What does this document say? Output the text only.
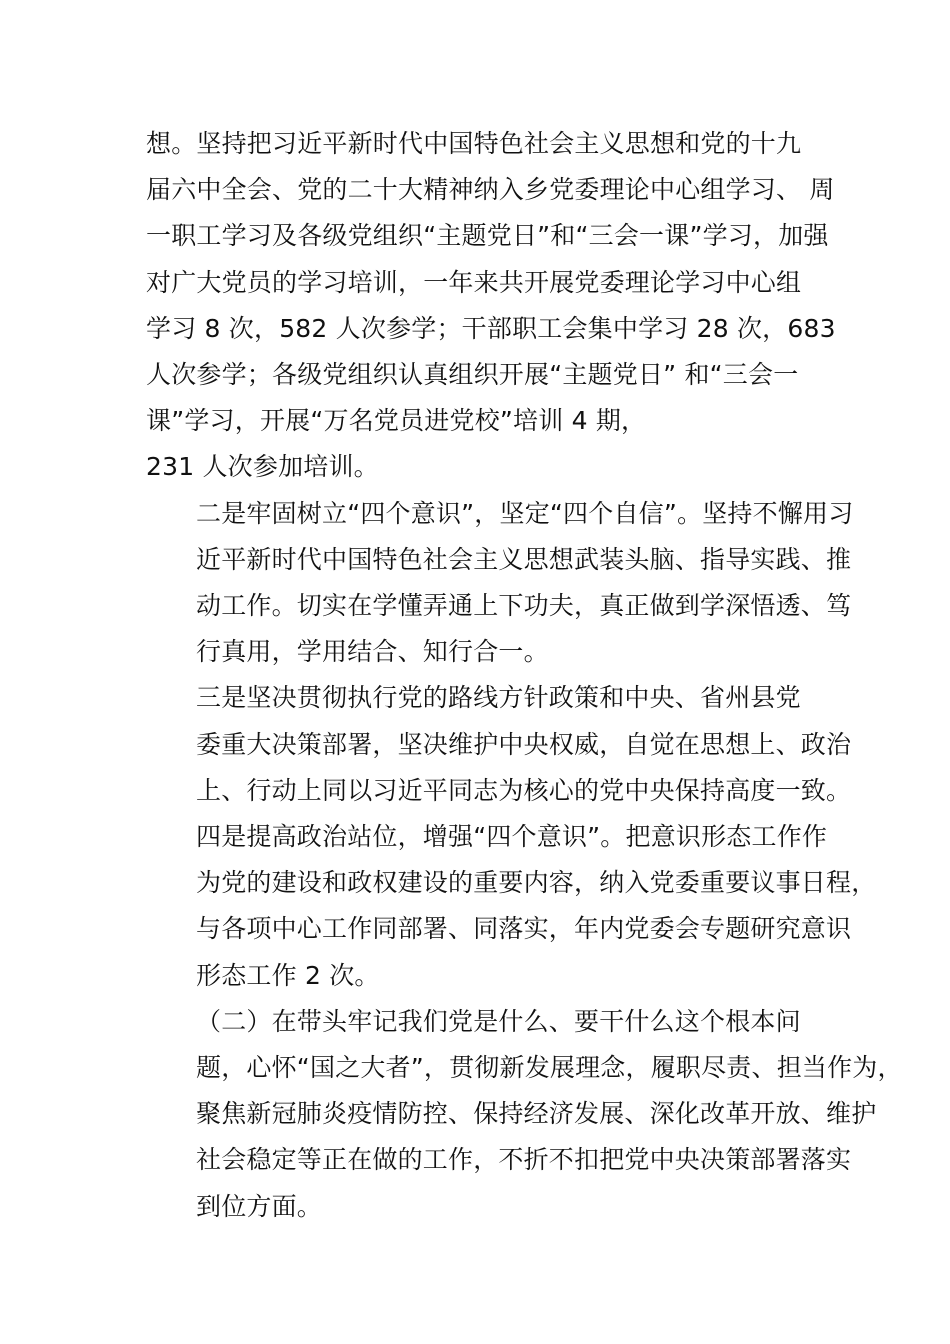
想。坚持把习近平新时代中国特色社会主义思想和党的十九
届六中全会、党的二十大精神纳入乡党委理论中心组学习、 周
一职工学习及各级党组织“主题党日”和“三会一课”学习，加强
对广大党员的学习培训，一年来共开展党委理论学习中心组
学习 8 次，582 人次参学；干部职工会集中学习 28 次，683
人次参学；各级党组织认真组织开展“主题党日” 和“三会一
课”学习，开展“万名党员进党校”培训 4 期，
231 人次参加培训。

二是牢固树立“四个意识”，坚定“四个自信”。坚持不懈用习
近平新时代中国特色社会主义思想武装头脑、指导实践、推
动工作。切实在学懂弄通上下功夫，真正做到学深悟透、笃
行真用，学用结合、知行合一。

三是坚决贯彻执行党的路线方针政策和中央、省州县党
委重大决策部署，坚决维护中央权威，自觉在思想上、政治
上、行动上同以习近平同志为核心的党中央保持高度一致。

四是提高政治站位，增强“四个意识”。把意识形态工作作
为党的建设和政权建设的重要内容，纳入党委重要议事日程，
与各项中心工作同部署、同落实，年内党委会专题研究意识
形态工作 2 次。

（二）在带头牢记我们党是什么、要干什么这个根本问
题，心怀“国之大者”，贯彻新发展理念，履职尽责、担当作为，
聚焦新冠肺炎疫情防控、保持经济发展、深化改革开放、维护
社会稳定等正在做的工作，不折不扣把党中央决策部署落实
到位方面。
